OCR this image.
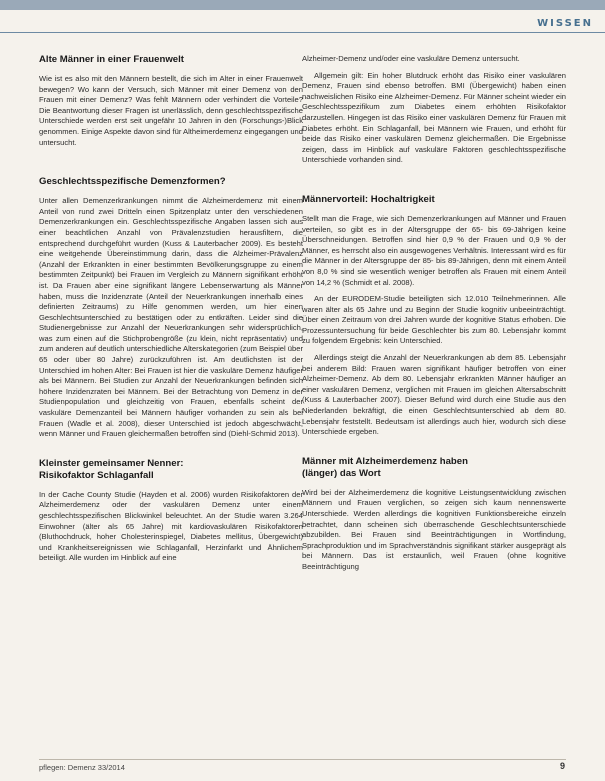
WISSEN
Alte Männer in einer Frauenwelt

Wie ist es also mit den Männern bestellt, die sich im Alter in einer Frauenwelt bewegen? Wo kann der Versuch, sich Männer mit einer Demenz von den Frauen mit einer Demenz? Was fehlt Männern oder verhindert die Vorteile? Die Beantwortung dieser Fragen ist unerlässlich, denn geschlechtsspezifische Unterschiede werden erst seit ungefähr 10 Jahren in den (Forschungs-)Blick genommen. Einige Aspekte davon sind für Altheimerdemenz eingegangen und untersucht.

Geschlechtsspezifische Demenzformen?

Unter allen Demenzerkrankungen nimmt die Alzheimerdemenz mit einem Anteil von rund zwei Dritteln einen Spitzenplatz unter den verschiedenen Demenzerkrankungen ein. Geschlechtsspezifische Angaben lassen sich aus einer beachtlichen Anzahl von Prävalenzstudien herausfiltern, die entsprechend durchgeführt wurden (Kuss & Lauterbacher 2009). Es besteht eine weitgehende Übereinstimmung darin, dass die Alzheimer-Prävalenz (Anzahl der Erkrankten in einer bestimmten Bevölkerungsgruppe zu einem bestimmten Zeitpunkt) bei Frauen im Vergleich zu Männern signifikant erhöht ist. Da Frauen aber eine signifikant längere Lebenserwartung als Männer haben, muss die Inzidenzrate (Anteil der Neuerkrankungen innerhalb eines definierten Zeitraums) zu Hilfe genommen werden, um hier einen Geschlechtsunterschied zu bestätigen oder zu entkräften. Leider sind die Studienergebnisse zur Anzahl der Neuerkrankungen sehr widersprüchlich, was zum einen auf die Stichprobengröße (zu klein, nicht repräsentativ) und zum anderen auf deutlich unterschiedliche Alterskategorien (zum Beispiel über 65 oder über 80 Jahre) zurückzuführen ist. Am deutlichsten ist der Unterschied im hohen Alter: Bei Frauen ist hier die vaskuläre Demenz häufiger als bei Männern. Bei Studien zur Anzahl der Neuerkrankungen befinden sich höhere Inzidenzraten bei Männern. Bei der Betrachtung von Demenz in der Studienpopulation und gleichzeitig von Frauen, ebenfalls scheint der vaskuläre Demenzanteil bei Männern häufiger vorhanden zu sein als bei Frauen (Wadle et al. 2008), dieser Unterschied ist jedoch abgeschwächt, wenn Männer und Frauen gleichermaßen betroffen sind (Diehl-Schmid 2013).

Kleinster gemeinsamer Nenner:
Risikofaktor Schlaganfall

In der Cache County Studie (Hayden et al. 2006) wurden Risikofaktoren der Alzheimerdemenz oder der vaskulären Demenz unter einem geschlechtsspezifischen Blickwinkel beleuchtet. An der Studie waren 3.264 Einwohner (älter als 65 Jahre) mit kardiovaskulären Risikofaktoren (Bluthochdruck, hoher Cholesterinspiegel, Diabetes mellitus, Übergewicht) und Krankheitsereignissen wie Schlaganfall, Herzinfarkt und Ähnlichem beteiligt. Alle wurden im Hinblick auf eine

Alzheimer-Demenz und/oder eine vaskuläre Demenz untersucht.

Allgemein gilt: Ein hoher Blutdruck erhöht das Risiko einer vaskulären Demenz, Frauen sind ebenso betroffen. BMI (Übergewicht) haben einen nachweislichen Risiko eine Alzheimer-Demenz. Für Männer scheint wieder ein Geschlechtsspezifikum zum Diabetes einem erhöhten Risikofaktor darzustellen. Hingegen ist das Risiko einer vaskulären Demenz für Frauen mit Diabetes erhöht. Ein Schlaganfall, bei Männern wie Frauen, und erhöht für beide das Risiko einer vaskulären Demenz gleichermaßen. Die Ergebnisse zeigen, dass im Hinblick auf vaskuläre Faktoren geschlechtsspezifische Unterschiede vorhanden sind.

Männervorteil: Hochaltrigkeit

Stellt man die Frage, wie sich Demenzerkrankungen auf Männer und Frauen verteilen, so gibt es in der Altersgruppe der 65- bis 69-Jährigen keine Überschneidungen. Betroffen sind hier 0,9 % der Frauen und 0,9 % der Männer, es herrscht also ein ausgewogenes Verhältnis. Interessant wird es für die Männer in der Altersgruppe der 85- bis 89-Jährigen, denn mit einem Anteil von 8,0 % sind sie wesentlich weniger betroffen als Frauen mit einem Anteil von 14,2 % (Schmidt et al. 2008).

An der EURODEM-Studie beteiligten sich 12.010 Teilnehmerinnen. Alle waren älter als 65 Jahre und zu Beginn der Studie kognitiv unbeeinträchtigt. Über einen Zeitraum von drei Jahren wurde der kognitive Status erhoben. Die Prozessuntersuchung für beide Geschlechter bis zum 80. Lebensjahr kommt zu folgendem Ergebnis: kein Unterschied.

Allerdings steigt die Anzahl der Neuerkrankungen ab dem 85. Lebensjahr bei anderem Bild: Frauen waren signifikant häufiger betroffen von einer Alzheimer-Demenz. Ab dem 80. Lebensjahr erkrankten Männer häufiger an einer vaskulären Demenz, verglichen mit Frauen im gleichen Altersabschnitt (Kuss & Lauterbacher 2007). Dieser Befund wird durch eine Studie aus den Niederlanden bekräftigt, die einen Geschlechtsunterschied ab dem 80. Lebensjahr feststellt. Bedeutsam ist allerdings auch hier, wodurch sich diese Unterschiede ergeben.

Männer mit Alzheimerdemenz haben
(länger) das Wort

Wird bei der Alzheimerdemenz die kognitive Leistungsentwicklung zwischen Männern und Frauen verglichen, so zeigen sich kaum nennenswerte Unterschiede. Werden allerdings die kognitiven Funktionsbereiche einzeln betrachtet, dann scheinen sich überraschende Geschlechtsunterschiede abzubilden. Bei Frauen sind Beeinträchtigungen in Wortfindung, Sprachproduktion und im Sprachverständnis signifikant stärker ausgeprägt als bei Männern. Das ist erstaunlich, weil Frauen (ohne kognitive Beeinträchtigung

pflegen: Demenz 33/2014	9
